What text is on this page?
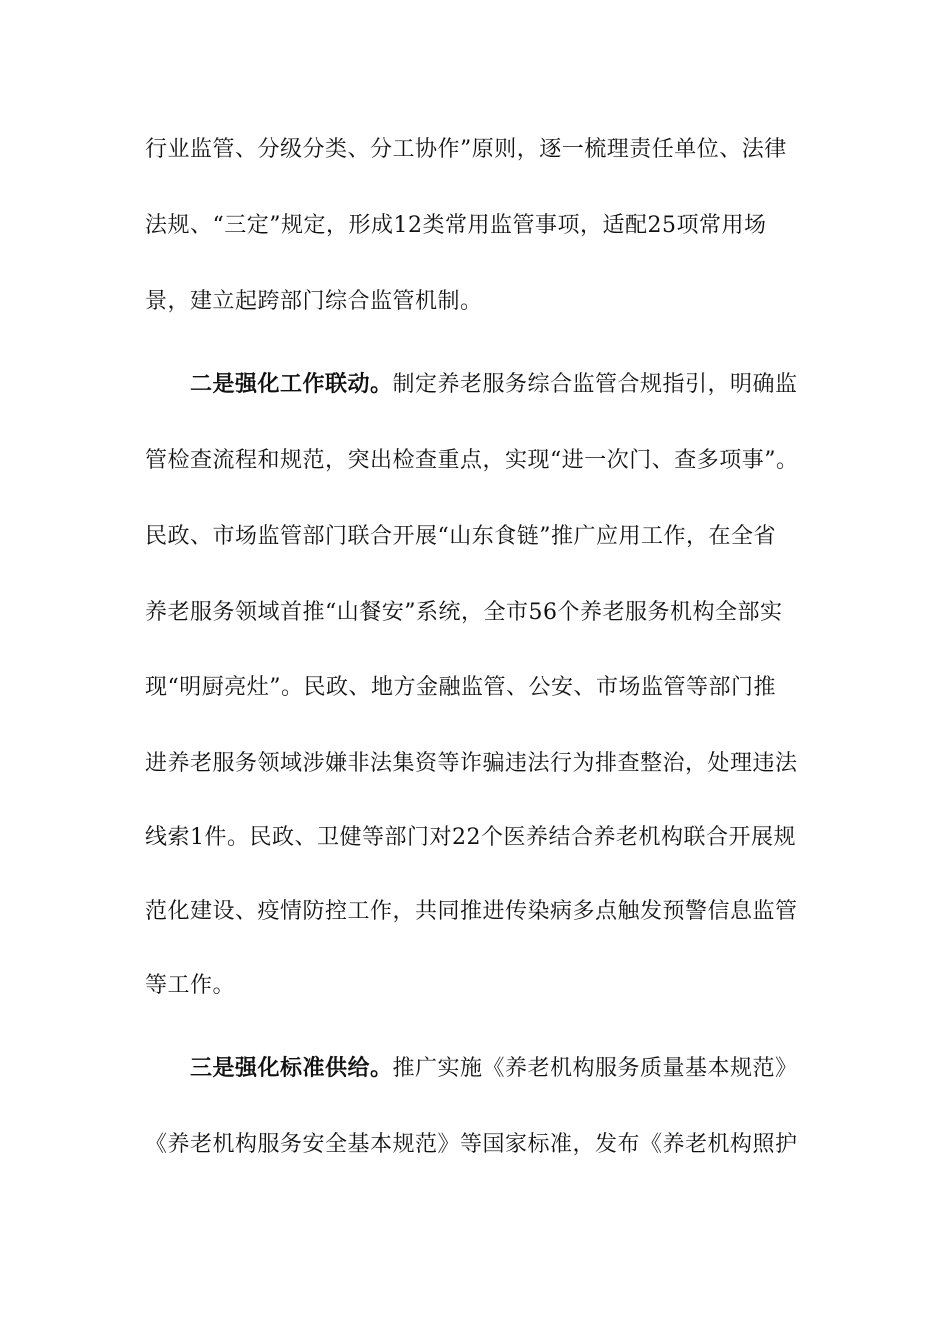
行业监管、分级分类、分工协作”原则，逐一梳理责任单位、法律
法规、“三定”规定，形成12类常用监管事项，适配25项常用场
景，建立起跨部门综合监管机制。
二是强化工作联动。制定养老服务综合监管合规指引，明确监
管检查流程和规范，突出检查重点，实现“进一次门、查多项事”。
民政、市场监管部门联合开展“山东食链”推广应用工作，在全省
养老服务领域首推“山餐安”系统，全市56个养老服务机构全部实
现“明厨亮灶”。民政、地方金融监管、公安、市场监管等部门推
进养老服务领域涉嫌非法集资等诈骗违法行为排查整治，处理违法
线索1件。民政、卫健等部门对22个医养结合养老机构联合开展规
范化建设、疫情防控工作，共同推进传染病多点触发预警信息监管
等工作。
三是强化标准供给。推广实施《养老机构服务质量基本规范》
《养老机构服务安全基本规范》等国家标准，发布《养老机构照护
